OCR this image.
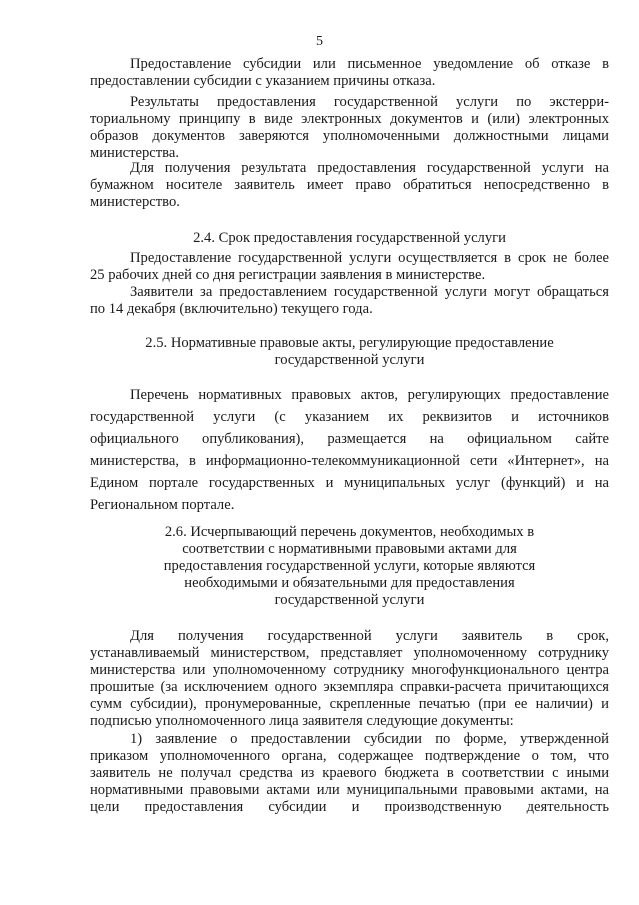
5
Предоставление субсидии или письменное уведомление об отказе в
предоставлении субсидии с указанием причины отказа.
Результаты предоставления государственной услуги по экстерри-
ториальному принципу в виде электронных документов и (или) электронных
образов документов заверяются уполномоченными должностными лицами
министерства.
Для получения результата предоставления государственной услуги на
бумажном носителе заявитель имеет право обратиться непосредственно в
министерство.
2.4. Срок предоставления государственной услуги
Предоставление государственной услуги осуществляется в срок не более
25 рабочих дней со дня регистрации заявления в министерстве.
Заявители за предоставлением государственной услуги могут обращаться
по 14 декабря (включительно) текущего года.
2.5. Нормативные правовые акты, регулирующие предоставление
государственной услуги
Перечень нормативных правовых актов, регулирующих предоставление
государственной услуги (с указанием их реквизитов и источников
официального опубликования), размещается на официальном сайте
министерства, в информационно-телекоммуникационной сети «Интернет», на
Едином портале государственных и муниципальных услуг (функций) и на
Региональном портале.
2.6. Исчерпывающий перечень документов, необходимых в
соответствии с нормативными правовыми актами для
предоставления государственной услуги, которые являются
необходимыми и обязательными для предоставления
государственной услуги
Для получения государственной услуги заявитель в срок,
устанавливаемый министерством, представляет уполномоченному сотруднику
министерства или уполномоченному сотруднику многофункционального центра
прошитые (за исключением одного экземпляра справки-расчета причитающихся
сумм субсидии), пронумерованные, скрепленные печатью (при ее наличии) и
подписью уполномоченного лица заявителя следующие документы:
1) заявление о предоставлении субсидии по форме, утвержденной
приказом уполномоченного органа, содержащее подтверждение о том, что
заявитель не получал средства из краевого бюджета в соответствии с иными
нормативными правовыми актами или муниципальными правовыми актами, на
цели предоставления субсидии и производственную деятельность
